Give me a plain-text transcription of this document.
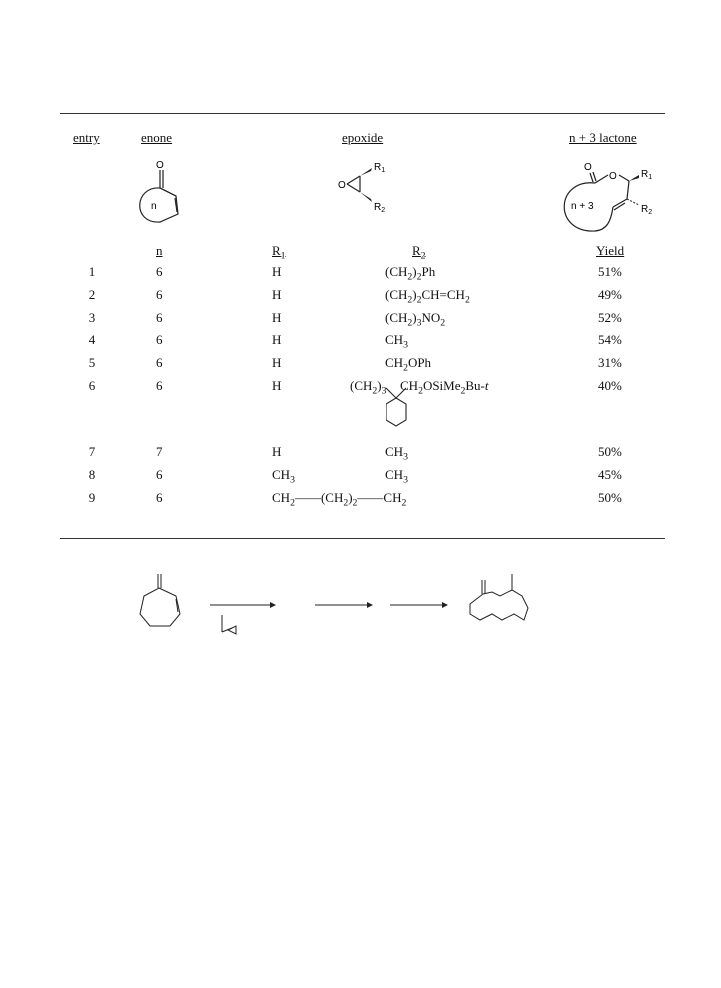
entry	enone	epoxide	n + 3 lactone
O
n
O
$R_1$
$R_2$
O
O $R_1$
$R_2$
n + 3
n	$R_1$	$R_2$	Yield
1	6	H	$(CH_2)_2Ph$	51%
2	6	H	$(CH_2)_2CH=CH_2$	49%
3	6	H	$(CH_2)_3NO_2$	52%
4	6	H	$CH_3$	54%
5	6	H	$CH_2OPh$	31%
6	6	H	$(CH_2)_3$ $CH_2OSiMe_2Bu-t$	40%
7	7	H	$CH_3$	50%
8	6	$CH_3$	$CH_3$	45%
9	6	$CH_2——(CH_2)_2——CH_2$	50%
